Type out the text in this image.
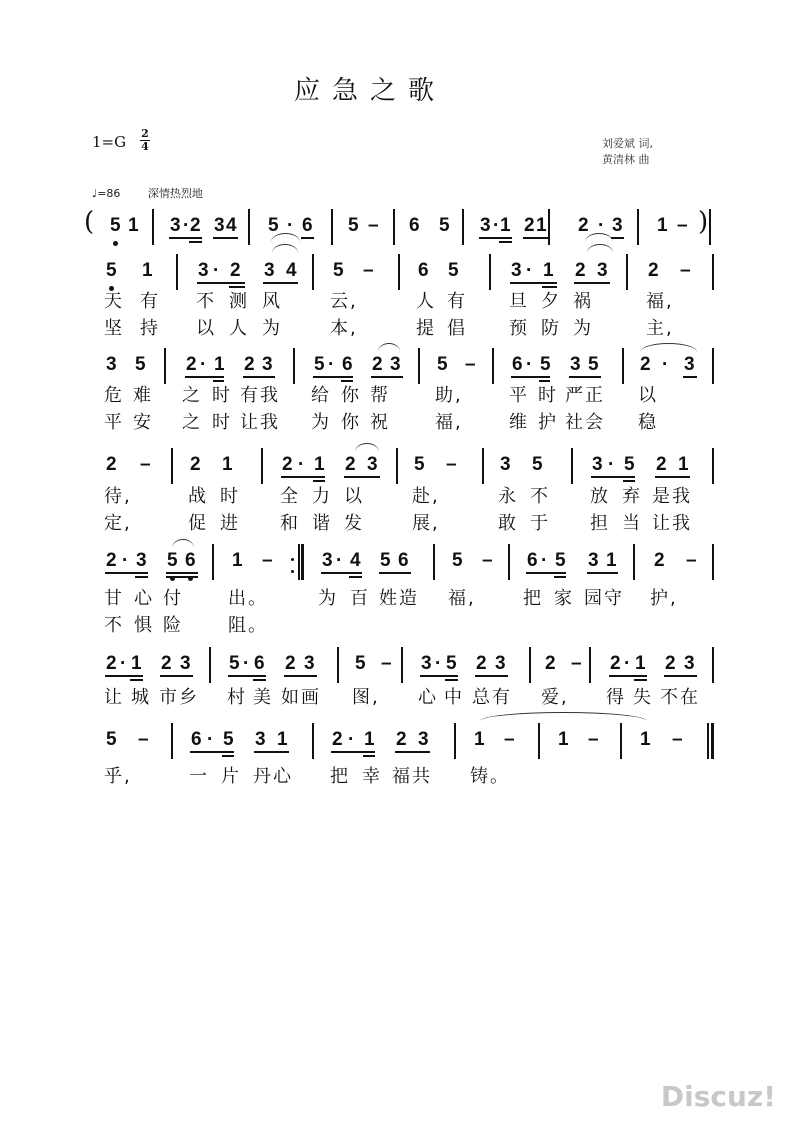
应急之歌
1=G 2
4	刘爱斌 词,
黄清林 曲
♩=86	深情热烈地
(	)
5 1 3 · 2 3 4 5 · 6 5 – 6 5 3 · 1 2 1 2 · 3 1 –
5 1 3 · 2 3 4 5 – 6 5	3 · 1 2 3 2 –
天 有 不 测 风	云,	人 有 旦 夕 祸	福,
坚 持 以 人 为	本,	提 倡 预 防 为	主,
3 5 2 · 1 2 3 5 · 6 2 3 5 – 6 · 5 3 5 2 · 3
危 难 之 时 有我 给 你 帮	助,	平 时 严正 以
平 安 之 时 让我 为 你 祝	福,	维 护 社会 稳
2 – 2 1	2 · 1 2 3 5 – 3 5	3 · 5 2 1
待,	战 时 全 力 以	赴,	永 不 放 弃 是我
定,	促 进 和 谐 发	展,	敢 于 担 当 让我
2 · 3 5 6 1 –	3 · 4 5 6 5 – 6 · 5 3 1 2 –
甘 心 付	出。	为 百 姓造 福,	把 家 园守 护,
不 惧 险	阻。
2 · 1 2 3 5 · 6 2 3 5 – 3 · 5 2 3 2 – 2 · 1 2 3
让 城 市乡 村 美 如画 图, 心 中 总有 爱, 得 失 不在
5 – 6 · 5 3 1 2 · 1 2 3 1 – 1 – 1 –
乎,	一 片 丹心 把 幸 福共 铸。
Discuz!
